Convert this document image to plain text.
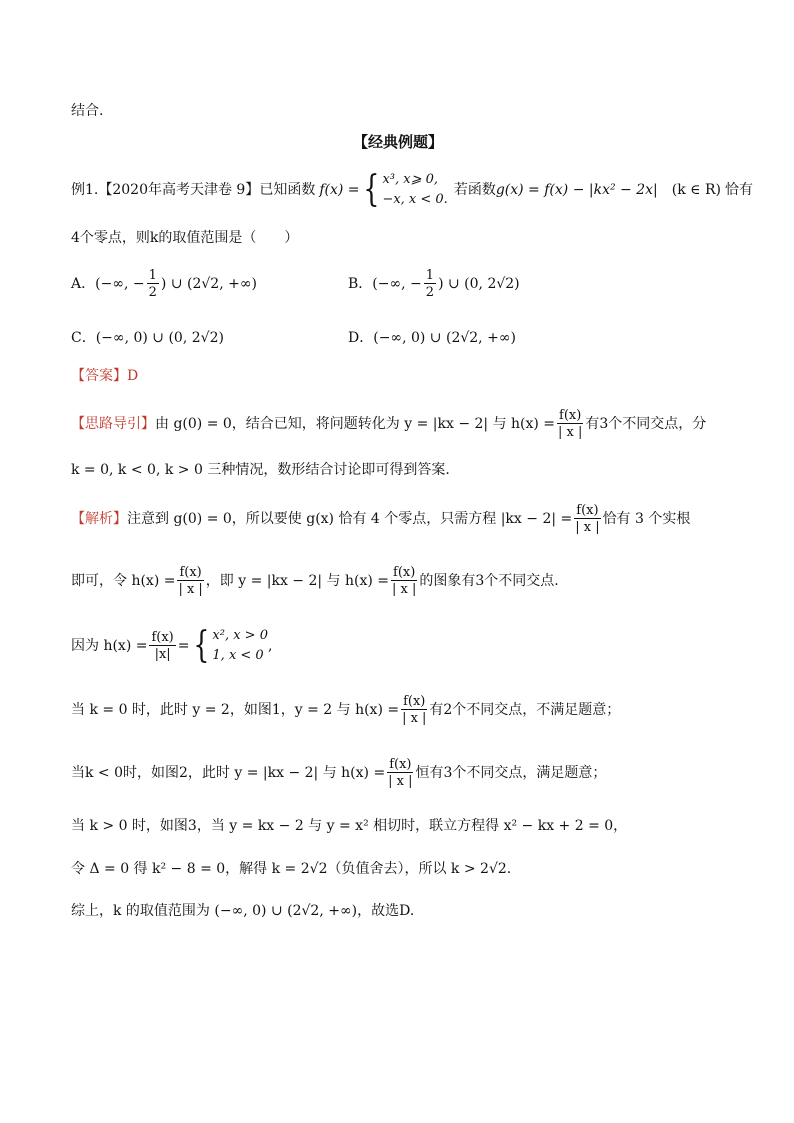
结合.
【经典例题】
例1.【2020年高考天津卷 9】已知函数 f(x) = { x³, x⩾ 0,
−x, x < 0.
若函数 g(x) = f(x) − |kx² − 2x| (k ∈ R) 恰有
4个零点，则k的取值范围是（　　）
A． (−∞, − $\frac{1}{2}$ ) ∪ (2√2, +∞)	B． (−∞, − $\frac{1}{2}$ ) ∪ (0, 2√2)
C．(−∞, 0) ∪ (0, 2√2)	D．(−∞, 0) ∪ (2√2, +∞)
【答案】D
【思路导引】 由 g(0) = 0，结合已知，将问题转化为 y = |kx − 2| 与 $h(x) = \frac{f(x)}{| x |}$ 有3个不同交点，分
k = 0, k < 0, k > 0 三种情况，数形结合讨论即可得到答案.
【解析】 注意到 g(0) = 0，所以要使 g(x) 恰有 4 个零点，只需方程 $|kx - 2| = \frac{f(x)}{| x |}$ 恰有 3 个实根
即可，令 $h(x) = \frac{f(x)}{| x |}$ ，即 y = |kx − 2| 与 $h(x) = \frac{f(x)}{| x |}$ 的图象有3个不同交点.
因为 $h(x) = \frac{f(x)}{|x|}$ = { x², x > 0
1, x < 0
,
当 k = 0 时，此时 y = 2，如图1，y = 2 与 $h(x) = \frac{f(x)}{| x |}$ 有2个不同交点，不满足题意；
当k < 0时，如图2，此时 y = |kx − 2| 与 $h(x) = \frac{f(x)}{| x |}$ 恒有3个不同交点，满足题意；
当 k > 0 时，如图3，当 y = kx − 2 与 y = x² 相切时，联立方程得 x² − kx + 2 = 0，
令 Δ = 0 得 k² − 8 = 0，解得 k = 2√2（负值舍去），所以 k > 2√2.
综上，k 的取值范围为 (−∞, 0) ∪ (2√2, +∞)，故选D.
